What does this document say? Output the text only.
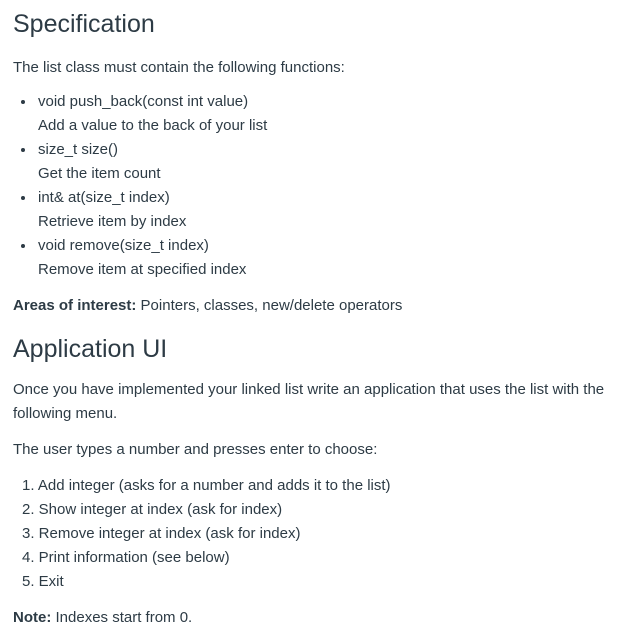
Specification

The list class must contain the following functions:

void push_back(const int value)
Add a value to the back of your list
size_t size()
Get the item count
int& at(size_t index)
Retrieve item by index
void remove(size_t index)
Remove item at specified index

Areas of interest: Pointers, classes, new/delete operators

Application UI

Once you have implemented your linked list write an application that uses the list with the following menu.

The user types a number and presses enter to choose:

1. Add integer (asks for a number and adds it to the list)
2. Show integer at index (ask for index)
3. Remove integer at index (ask for index)
4. Print information (see below)
5. Exit

Note: Indexes start from 0.
